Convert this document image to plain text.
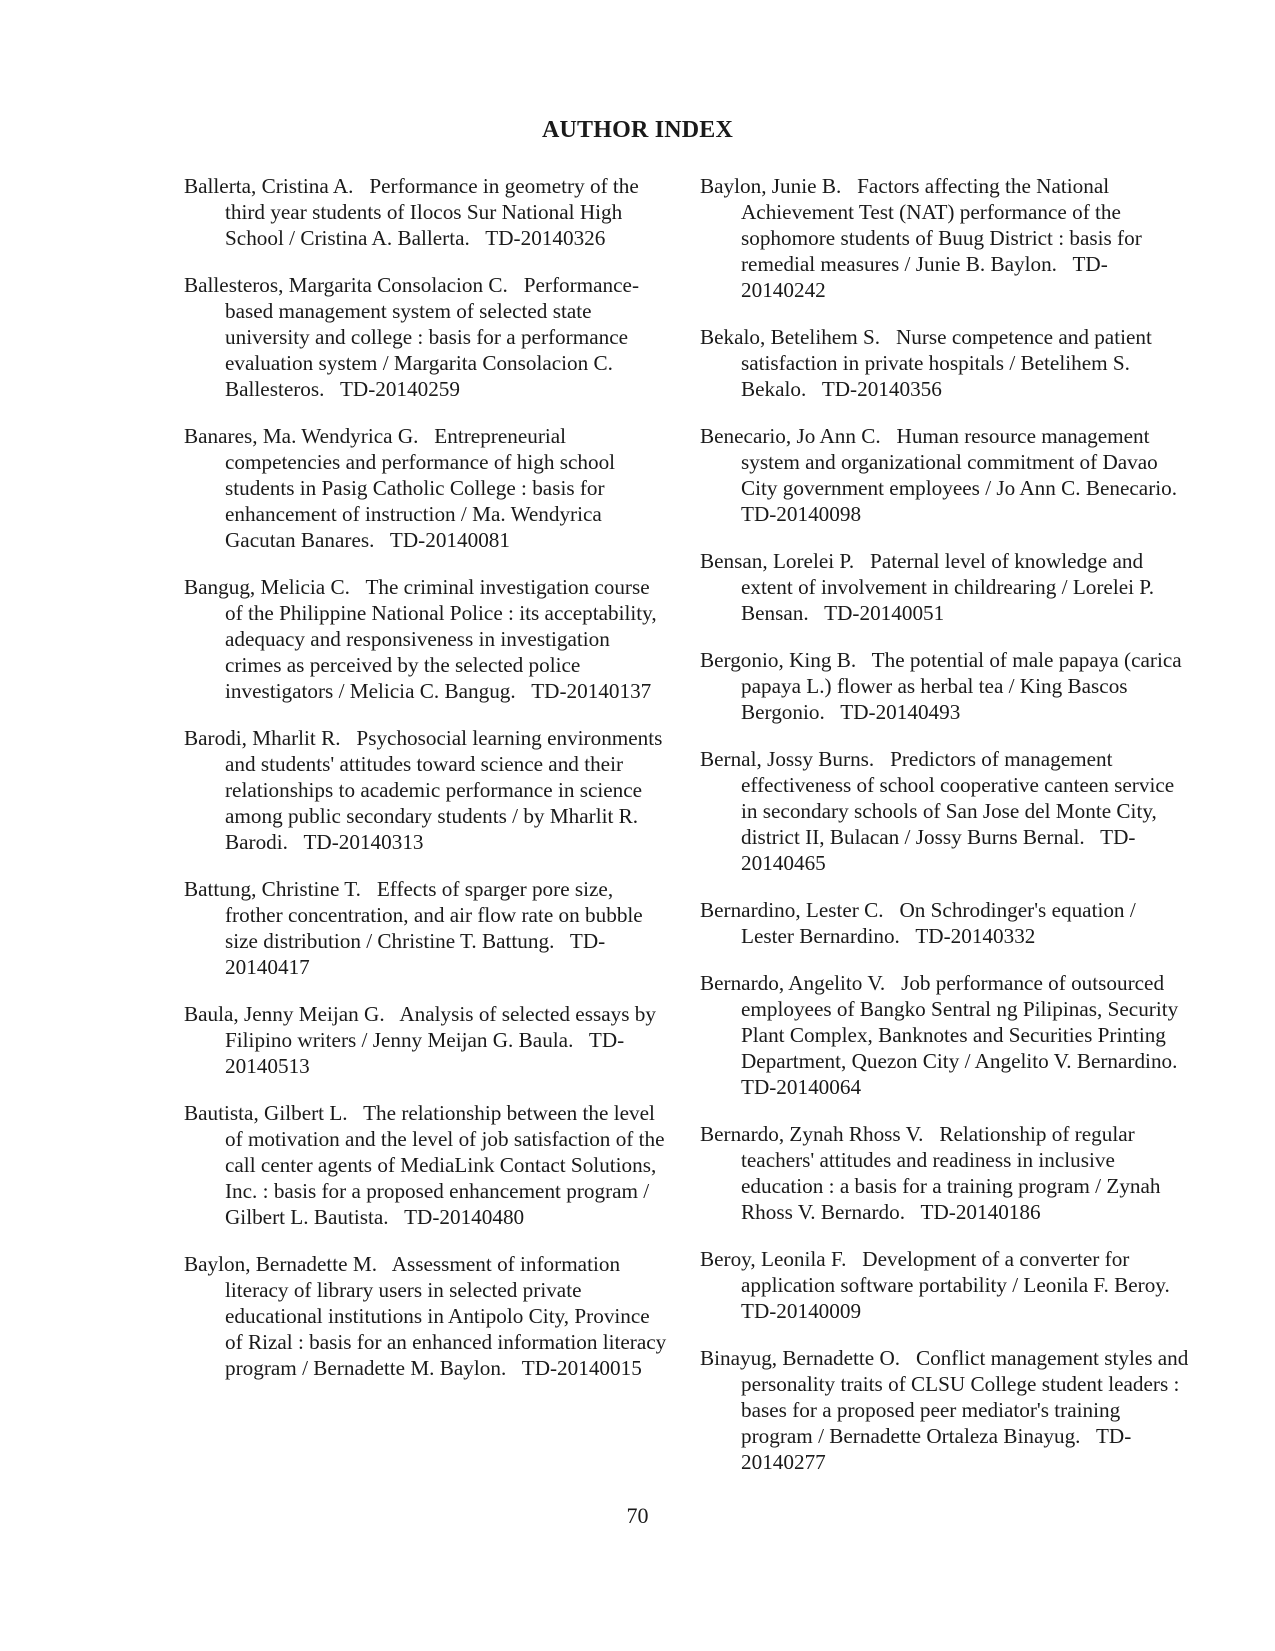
AUTHOR INDEX

Ballerta, Cristina A.   Performance in geometry of the third year students of Ilocos Sur National High School / Cristina A. Ballerta.   TD-20140326

Ballesteros, Margarita Consolacion C.   Performance- based management system of selected state university and college : basis for a performance evaluation system / Margarita Consolacion C. Ballesteros.   TD-20140259

Banares, Ma. Wendyrica G.   Entrepreneurial competencies and performance of high school students in Pasig Catholic College : basis for enhancement of instruction / Ma. Wendyrica Gacutan Banares.   TD-20140081

Bangug, Melicia C.   The criminal investigation course of the Philippine National Police : its acceptability, adequacy and responsiveness in investigation crimes as perceived by the selected police investigators / Melicia C. Bangug.   TD-20140137

Barodi, Mharlit R.   Psychosocial learning environments and students' attitudes toward science and their relationships to academic performance in science among public secondary students / by Mharlit R. Barodi.   TD-20140313

Battung, Christine T.   Effects of sparger pore size, frother concentration, and air flow rate on bubble size distribution / Christine T. Battung.   TD-20140417

Baula, Jenny Meijan G.   Analysis of selected essays by Filipino writers / Jenny Meijan G. Baula.   TD-20140513

Bautista, Gilbert L.   The relationship between the level of motivation and the level of job satisfaction of the call center agents of MediaLink Contact Solutions, Inc. : basis for a proposed enhancement program / Gilbert L. Bautista.   TD-20140480

Baylon, Bernadette M.   Assessment of information literacy of library users in selected private educational institutions in Antipolo City, Province of Rizal : basis for an enhanced information literacy program / Bernadette M. Baylon.   TD-20140015

Baylon, Junie B.   Factors affecting the National Achievement Test (NAT) performance of the sophomore students of Buug District : basis for remedial measures / Junie B. Baylon.   TD-20140242

Bekalo, Betelihem S.   Nurse competence and patient satisfaction in private hospitals / Betelihem S. Bekalo.   TD-20140356

Benecario, Jo Ann C.   Human resource management system and organizational commitment of Davao City government employees / Jo Ann C. Benecario.   TD-20140098

Bensan, Lorelei P.   Paternal level of knowledge and extent of involvement in childrearing / Lorelei P. Bensan.   TD-20140051

Bergonio, King B.   The potential of male papaya (carica papaya L.) flower as herbal tea / King Bascos Bergonio.   TD-20140493

Bernal, Jossy Burns.   Predictors of management effectiveness of school cooperative canteen service in secondary schools of San Jose del Monte City, district II, Bulacan / Jossy Burns Bernal.   TD-20140465

Bernardino, Lester C.   On Schrodinger's equation / Lester Bernardino.   TD-20140332

Bernardo, Angelito V.   Job performance of outsourced employees of Bangko Sentral ng Pilipinas, Security Plant Complex, Banknotes and Securities Printing Department, Quezon City / Angelito V. Bernardino.   TD-20140064

Bernardo, Zynah Rhoss V.   Relationship of regular teachers' attitudes and readiness in inclusive education : a basis for a training program / Zynah Rhoss V. Bernardo.   TD-20140186

Beroy, Leonila F.   Development of a converter for application software portability / Leonila F. Beroy.   TD-20140009

Binayug, Bernadette O.   Conflict management styles and personality traits of CLSU College student leaders : bases for a proposed peer mediator's training program / Bernadette Ortaleza Binayug.   TD-20140277

70
